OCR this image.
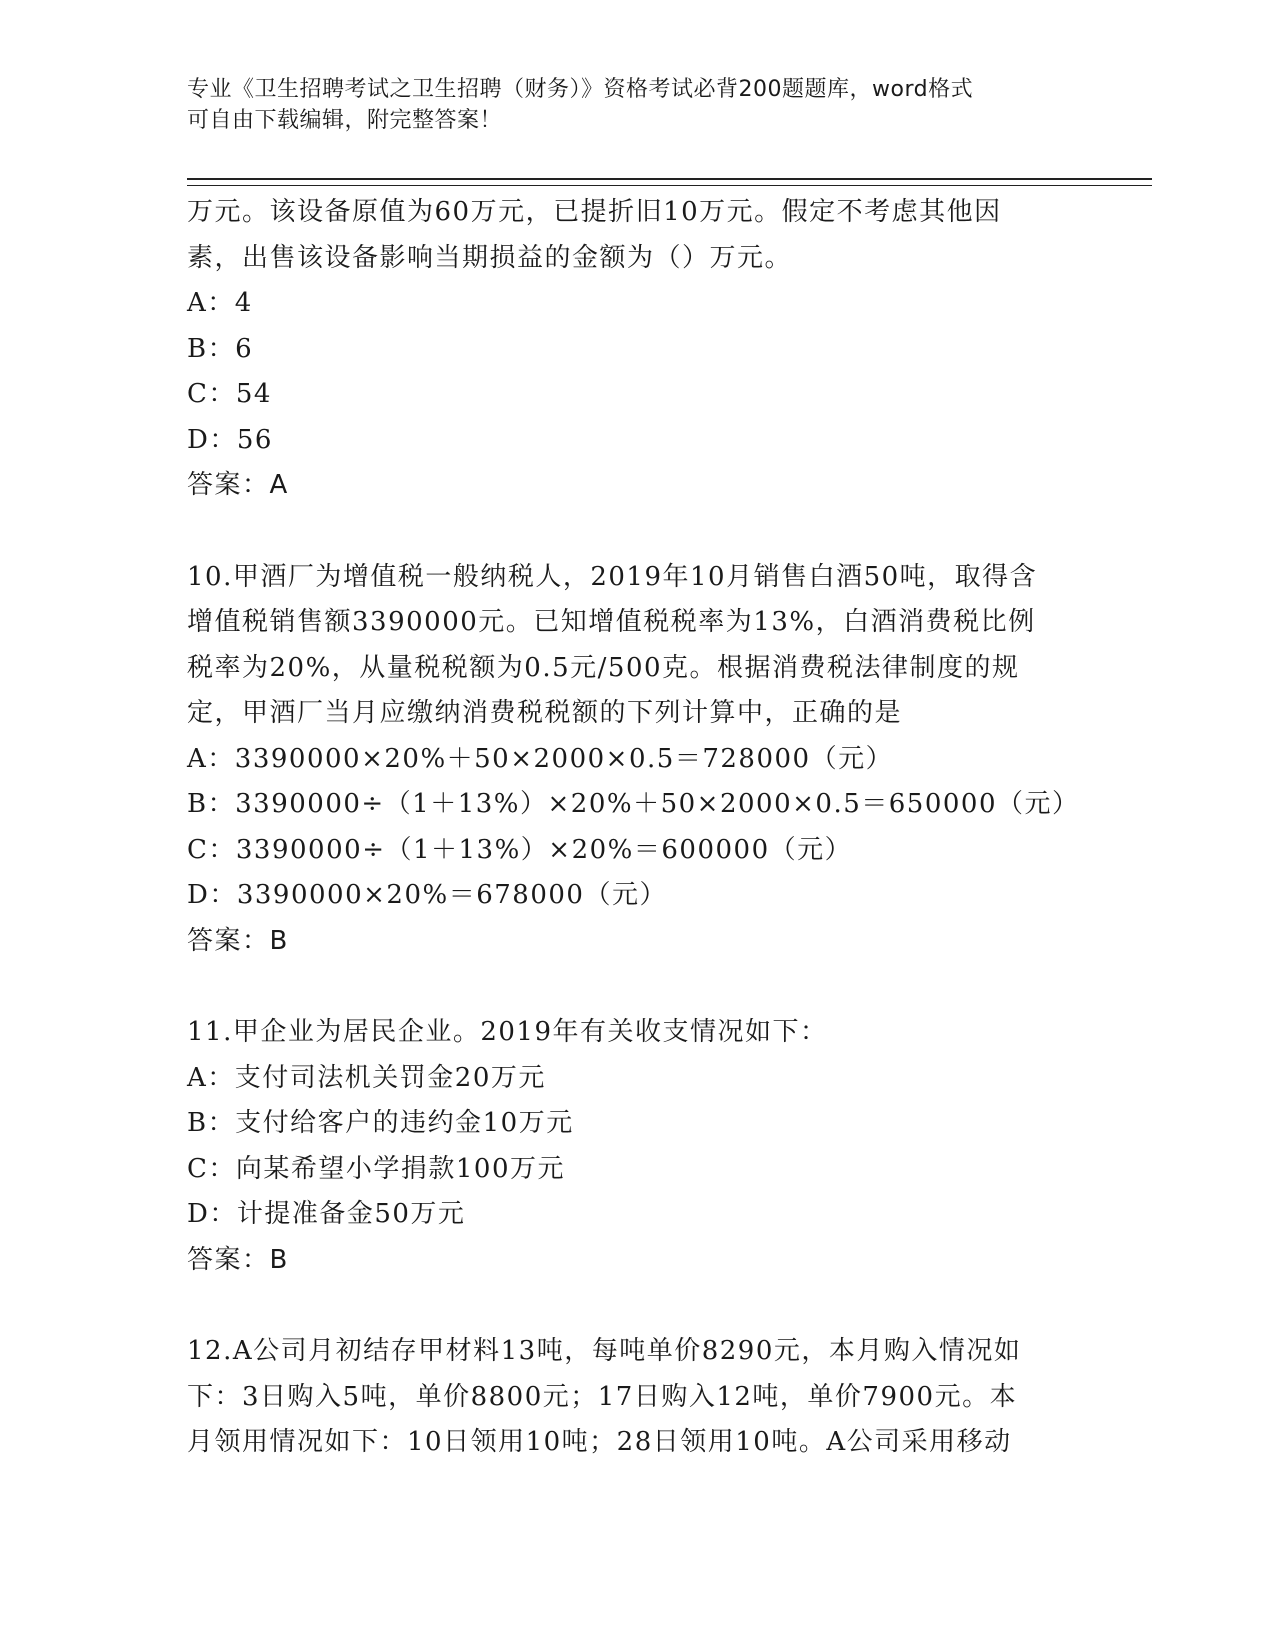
专业《卫生招聘考试之卫生招聘（财务）》资格考试必背200题题库，word格式
可自由下载编辑，附完整答案！
万元。该设备原值为60万元，已提折旧10万元。假定不考虑其他因
素，出售该设备影响当期损益的金额为（）万元。
A：4
B：6
C：54
D：56
答案：A
10.甲酒厂为增值税一般纳税人，2019年10月销售白酒50吨，取得含
增值税销售额3390000元。已知增值税税率为13%，白酒消费税比例
税率为20%，从量税税额为0.5元/500克。根据消费税法律制度的规
定，甲酒厂当月应缴纳消费税税额的下列计算中，正确的是
A：3390000×20%＋50×2000×0.5＝728000（元）
B：3390000÷（1＋13%）×20%＋50×2000×0.5＝650000（元）
C：3390000÷（1＋13%）×20%＝600000（元）
D：3390000×20%＝678000（元）
答案：B
11.甲企业为居民企业。2019年有关收支情况如下：
A：支付司法机关罚金20万元
B：支付给客户的违约金10万元
C：向某希望小学捐款100万元
D：计提准备金50万元
答案：B
12.A公司月初结存甲材料13吨，每吨单价8290元，本月购入情况如
下：3日购入5吨，单价8800元；17日购入12吨，单价7900元。本
月领用情况如下：10日领用10吨；28日领用10吨。A公司采用移动
